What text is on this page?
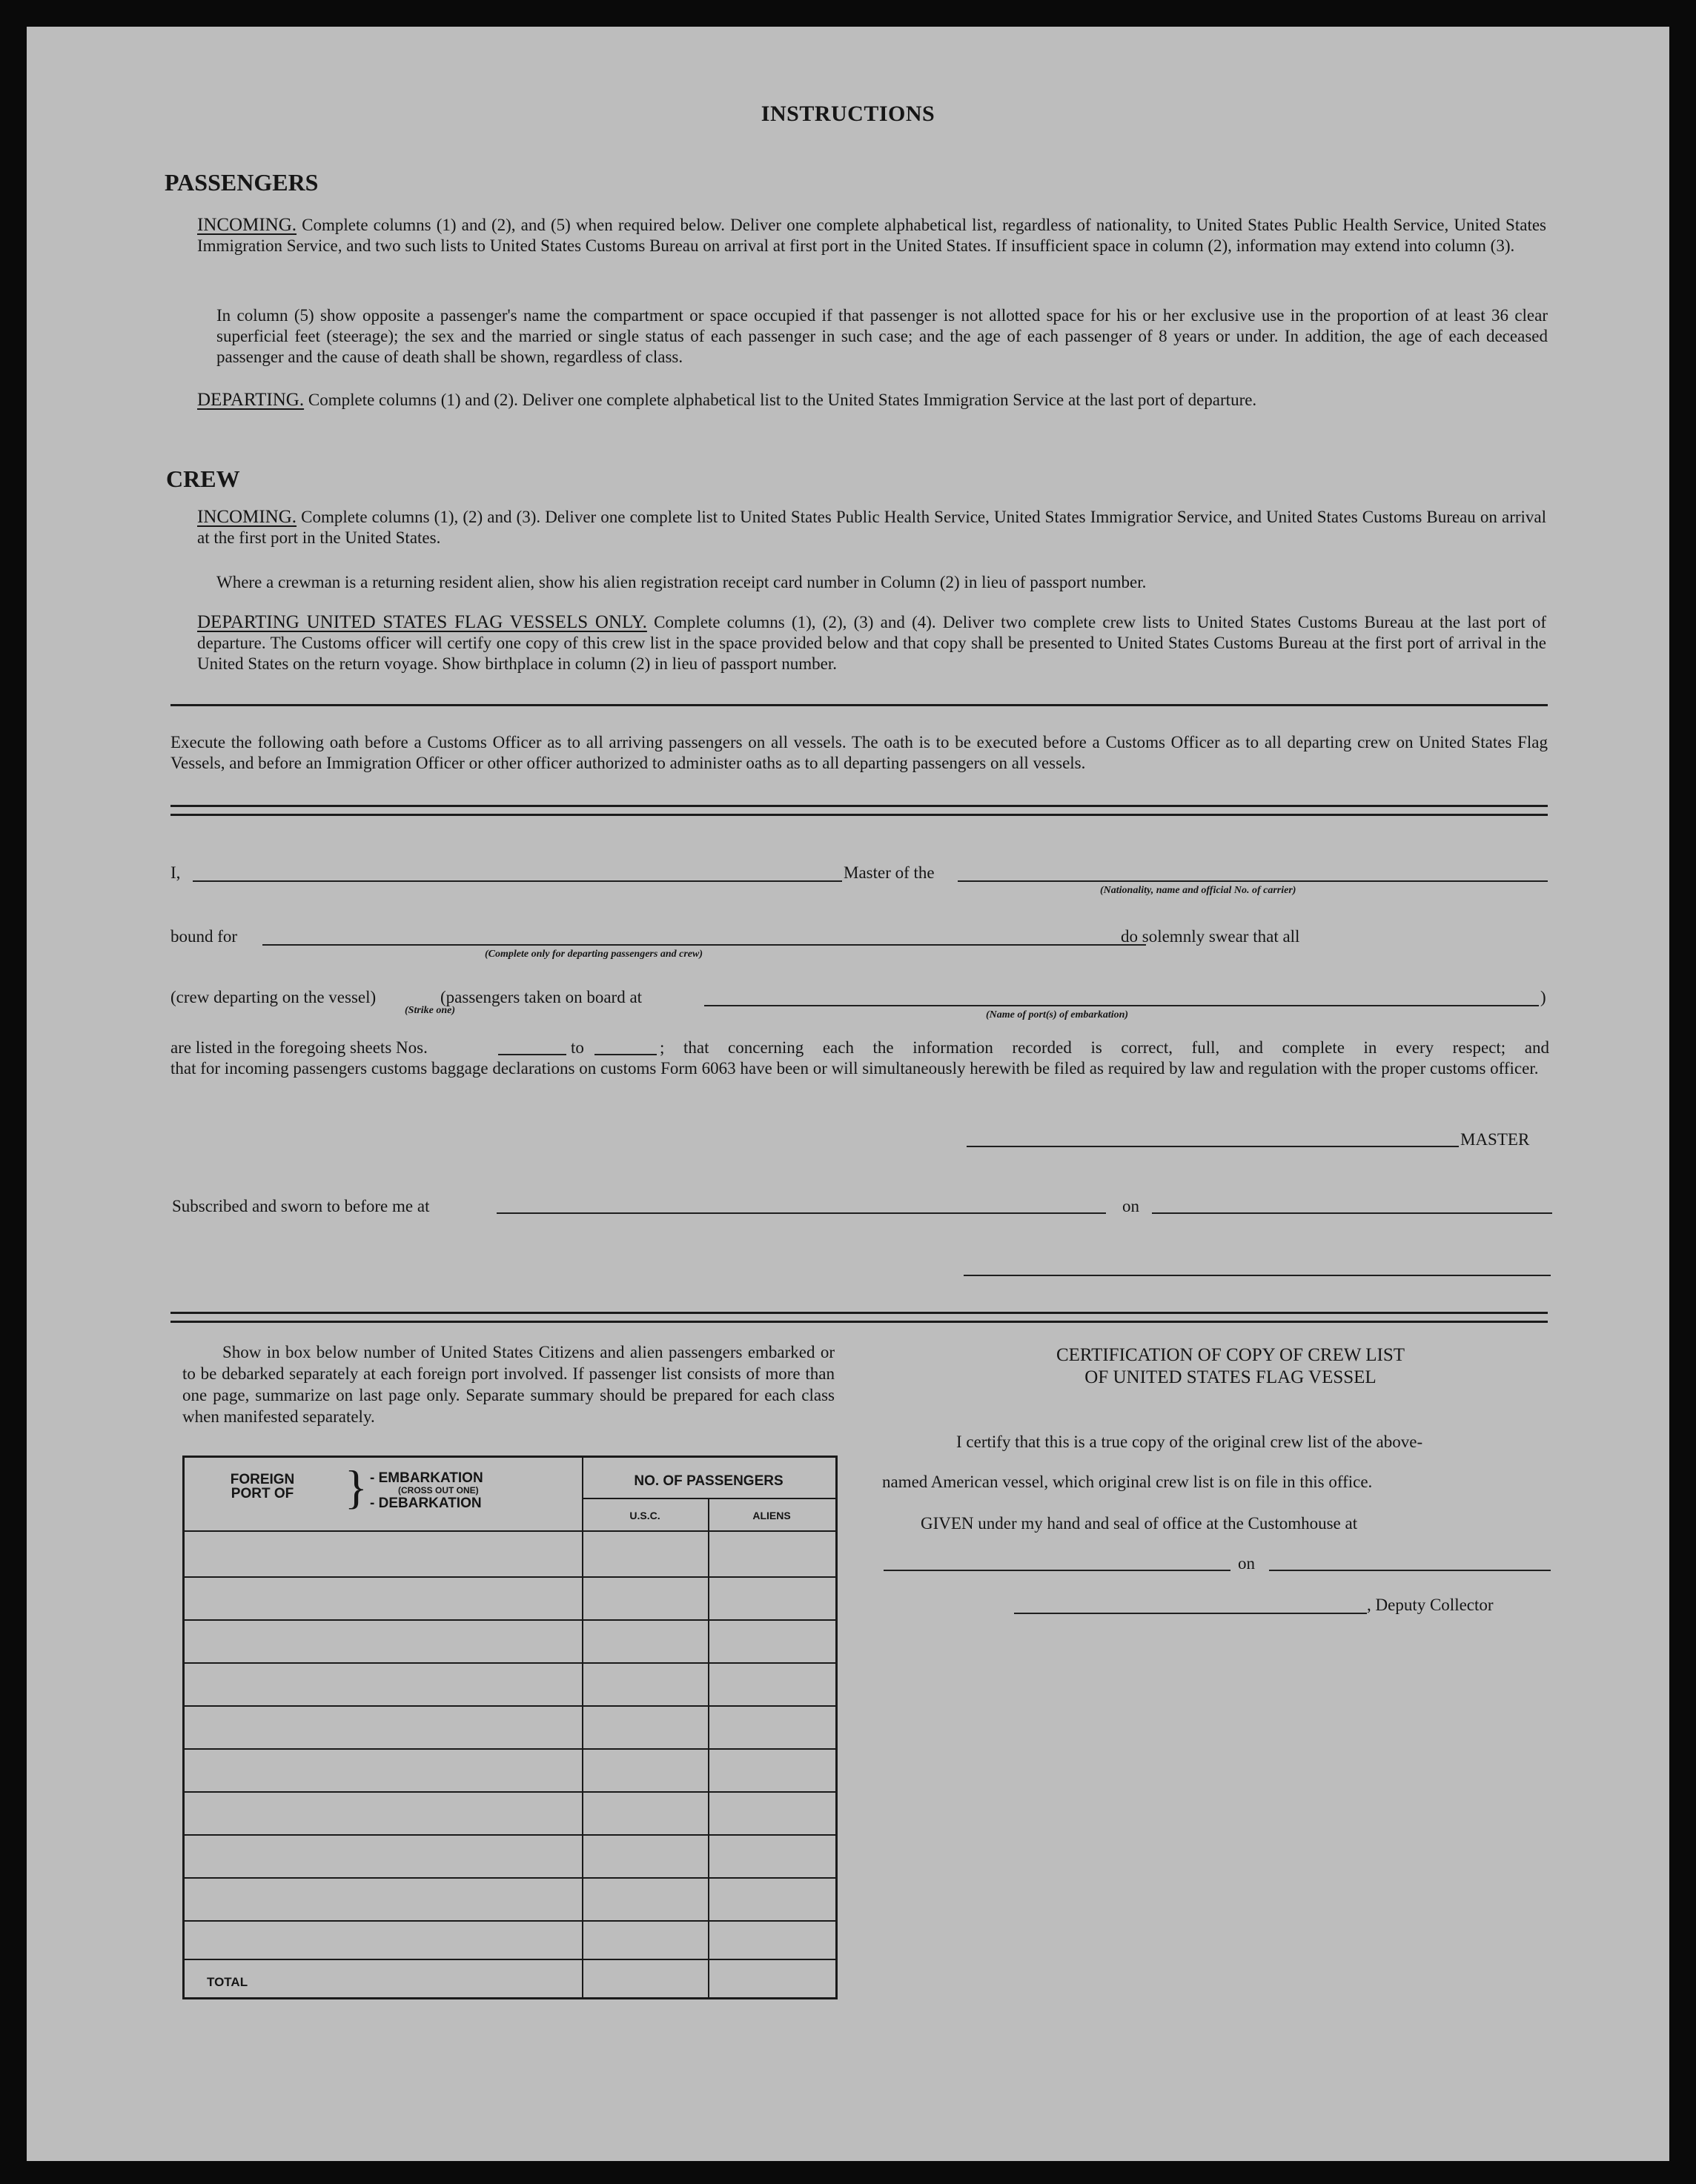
INSTRUCTIONS
PASSENGERS
INCOMING. Complete columns (1) and (2), and (5) when required below. Deliver one complete alphabetical list, regardless of nationality, to United States Public Health Service, United States Immigration Service, and two such lists to United States Customs Bureau on arrival at first port in the United States. If insufficient space in column (2), information may extend into column (3).
In column (5) show opposite a passenger's name the compartment or space occupied if that passenger is not allotted space for his or her exclusive use in the proportion of at least 36 clear superficial feet (steerage); the sex and the married or single status of each passenger in such case; and the age of each passenger of 8 years or under. In addition, the age of each deceased passenger and the cause of death shall be shown, regardless of class.
DEPARTING. Complete columns (1) and (2). Deliver one complete alphabetical list to the United States Immigration Service at the last port of departure.
CREW
INCOMING. Complete columns (1), (2) and (3). Deliver one complete list to United States Public Health Service, United States Immigratior Service, and United States Customs Bureau on arrival at the first port in the United States.
Where a crewman is a returning resident alien, show his alien registration receipt card number in Column (2) in lieu of passport number.
DEPARTING UNITED STATES FLAG VESSELS ONLY. Complete columns (1), (2), (3) and (4). Deliver two complete crew lists to United States Customs Bureau at the last port of departure. The Customs officer will certify one copy of this crew list in the space provided below and that copy shall be presented to United States Customs Bureau at the first port of arrival in the United States on the return voyage. Show birthplace in column (2) in lieu of passport number.
Execute the following oath before a Customs Officer as to all arriving passengers on all vessels. The oath is to be executed before a Customs Officer as to all departing crew on United States Flag Vessels, and before an Immigration Officer or other officer authorized to administer oaths as to all departing passengers on all vessels.
I,	Master of the
(Nationality, name and official No. of carrier)
bound for
(Complete only for departing passengers and crew)
do solemnly swear that all
(crew departing on the vessel)	(passengers taken on board at
(Strike one)	(Name of port(s) of embarkation)
)
are listed in the foregoing sheets Nos.	to	; that concerning each the information recorded is correct, full, and complete in every respect; and
that for incoming passengers customs baggage declarations on customs Form 6063 have been or will simultaneously herewith be filed as required by law and regulation with the proper customs officer.
MASTER
Subscribed and sworn to before me at	on
Show in box below number of United States Citizens and alien passengers embarked or to be debarked separately at each foreign port involved. If passenger list consists of more than one page, summarize on last page only. Separate summary should be prepared for each class when manifested separately.
FOREIGN PORT OF } - EMBARKATION
(CROSS OUT ONE)
- DEBARKATION
NO. OF PASSENGERS
U.S.C.	ALIENS
TOTAL
CERTIFICATION OF COPY OF CREW LIST
OF UNITED STATES FLAG VESSEL
I certify that this is a true copy of the original crew list of the above-
named American vessel, which original crew list is on file in this office.
GIVEN under my hand and seal of office at the Customhouse at
on
, Deputy Collector
